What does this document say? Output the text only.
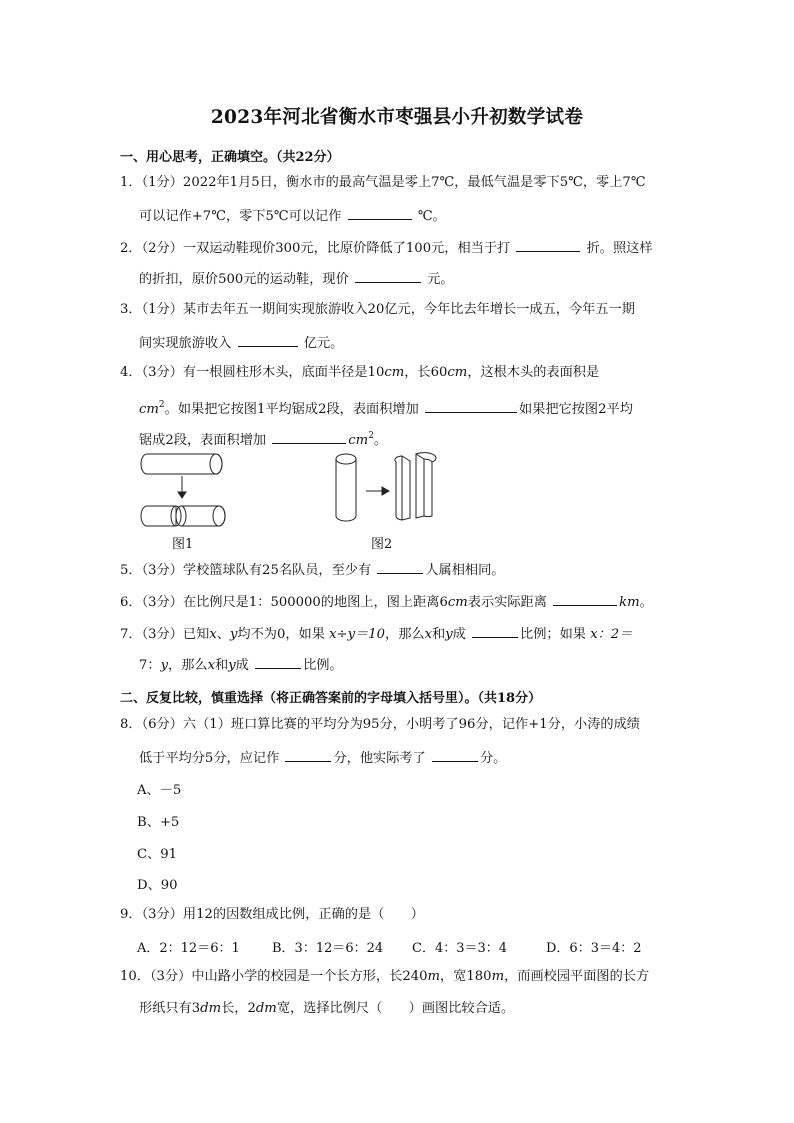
2023年河北省衡水市枣强县小升初数学试卷
一、用心思考，正确填空。（共22分）
1．（1分）2022年1月5日，衡水市的最高气温是零上7℃，最低气温是零下5℃，零上7℃
可以记作+7℃，零下5℃可以记作	℃。
2．（2分）一双运动鞋现价300元，比原价降低了100元，相当于打	折。照这样
的折扣，原价500元的运动鞋，现价	元。
3．（1分）某市去年五一期间实现旅游收入20亿元，今年比去年增长一成五，今年五一期
间实现旅游收入	亿元。
4．（3分）有一根圆柱形木头，底面半径是10cm，长60cm，这根木头的表面积是
$cm^2$。如果把它按图1平均锯成2段，表面积增加	如果把它按图2平均
锯成2段，表面积增加	$cm^2$。
图1	图2
5．（3分）学校篮球队有25名队员，至少有	人属相相同。
6．（3分）在比例尺是1：500000的地图上，图上距离6cm表示实际距离	km。
7．（3分）已知x、y均不为0，如果 x÷y＝10，那么x和y成	比例；如果 x：2＝
7：y，那么x和y成	比例。
二、反复比较，慎重选择（将正确答案前的字母填入括号里）。（共18分）
8．（6分）六（1）班口算比赛的平均分为95分，小明考了96分，记作+1分，小涛的成绩
低于平均分5分，应记作	分，他实际考了	分。
A、－5
B、+5
C、91
D、90
9．（3分）用12的因数组成比例，正确的是（　　）
A．2：12＝6：1 B．3：12＝6：24 C．4：3＝3：4	D．6：3＝4：2
10．（3分）中山路小学的校园是一个长方形，长240m，宽180m，而画校园平面图的长方
形纸只有3dm长，2dm宽，选择比例尺（　　）画图比较合适。
